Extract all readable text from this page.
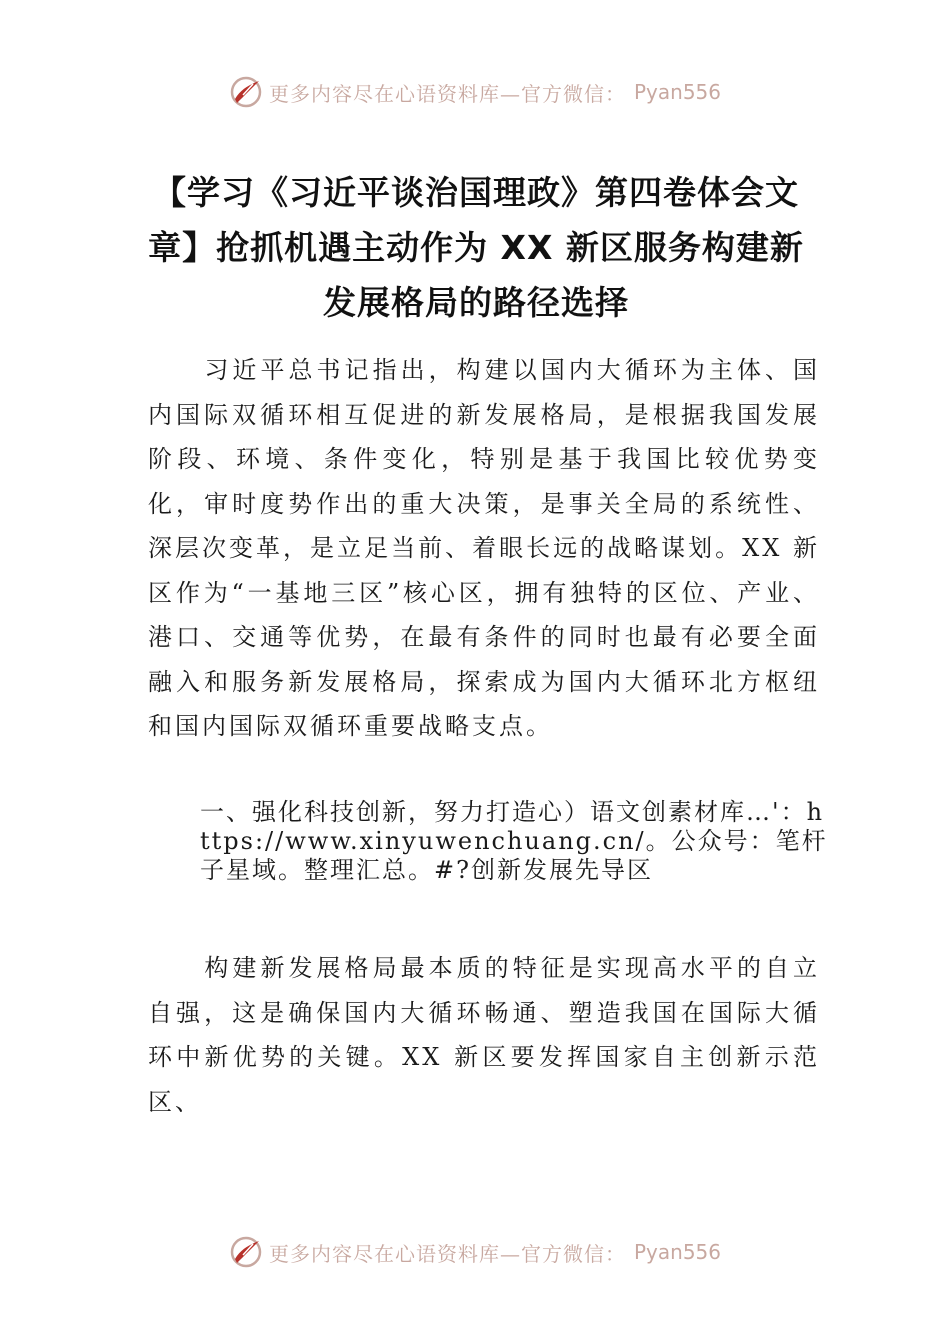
更多内容尽在心语资料库—官方微信： Pyan556
【学习《习近平谈治国理政》第四卷体会文章】抢抓机遇主动作为 XX 新区服务构建新发展格局的路径选择

习近平总书记指出，构建以国内大循环为主体、国内国际双循环相互促进的新发展格局，是根据我国发展阶段、环境、条件变化，特别是基于我国比较优势变化，审时度势作出的重大决策，是事关全局的系统性、深层次变革，是立足当前、着眼长远的战略谋划。XX 新区作为“一基地三区”核心区，拥有独特的区位、产业、港口、交通等优势，在最有条件的同时也最有必要全面融入和服务新发展格局，探索成为国内大循环北方枢纽和国内国际双循环重要战略支点。

一、强化科技创新，努力打造心）语文创素材库…'：https://www.xinyuwenchuang.cn/。公众号：笔杆子星域。整理汇总。#?创新发展先导区

构建新发展格局最本质的特征是实现高水平的自立自强，这是确保国内大循环畅通、塑造我国在国际大循环中新优势的关键。XX 新区要发挥国家自主创新示范区、

更多内容尽在心语资料库—官方微信： Pyan556
